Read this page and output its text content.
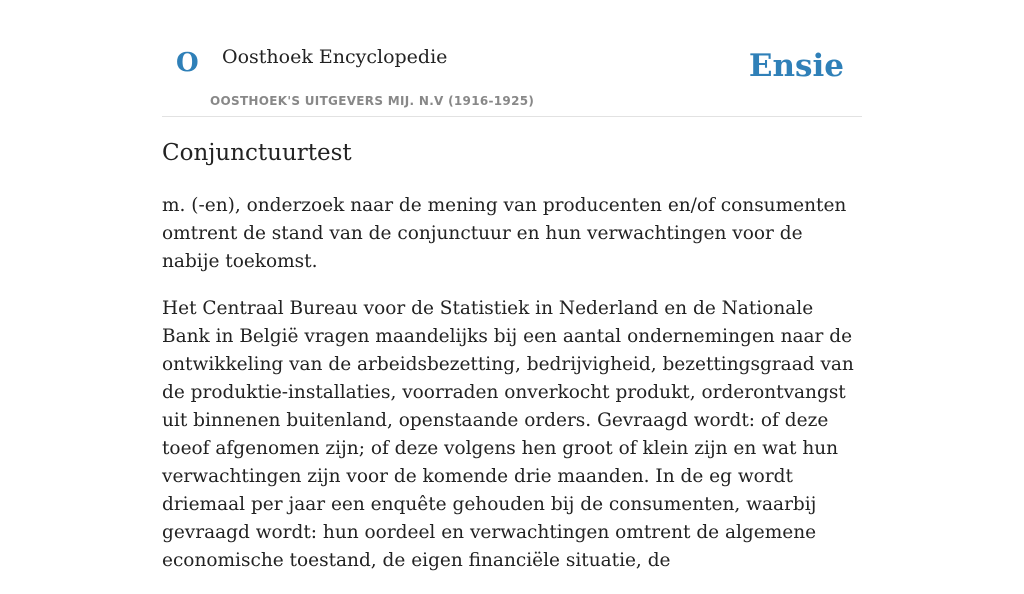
O Oosthoek Encyclopedie
OOSTHOEK'S UITGEVERS MIJ. N.V (1916-1925)
Ensie
Conjunctuurtest

m. (-en), onderzoek naar de mening van producenten en/of consumenten omtrent de stand van de conjunctuur en hun verwachtingen voor de nabije toekomst.

Het Centraal Bureau voor de Statistiek in Nederland en de Nationale Bank in België vragen maandelijks bij een aantal ondernemingen naar de ontwikkeling van de arbeidsbezetting, bedrijvigheid, bezettingsgraad van de produktie-installaties, voorraden onverkocht produkt, orderontvangst uit binnenen buitenland, openstaande orders. Gevraagd wordt: of deze toeof afgenomen zijn; of deze volgens hen groot of klein zijn en wat hun verwachtingen zijn voor de komende drie maanden. In de eg wordt driemaal per jaar een enquête gehouden bij de consumenten, waarbij gevraagd wordt: hun oordeel en verwachtingen omtrent de algemene economische toestand, de eigen financiële situatie, de
